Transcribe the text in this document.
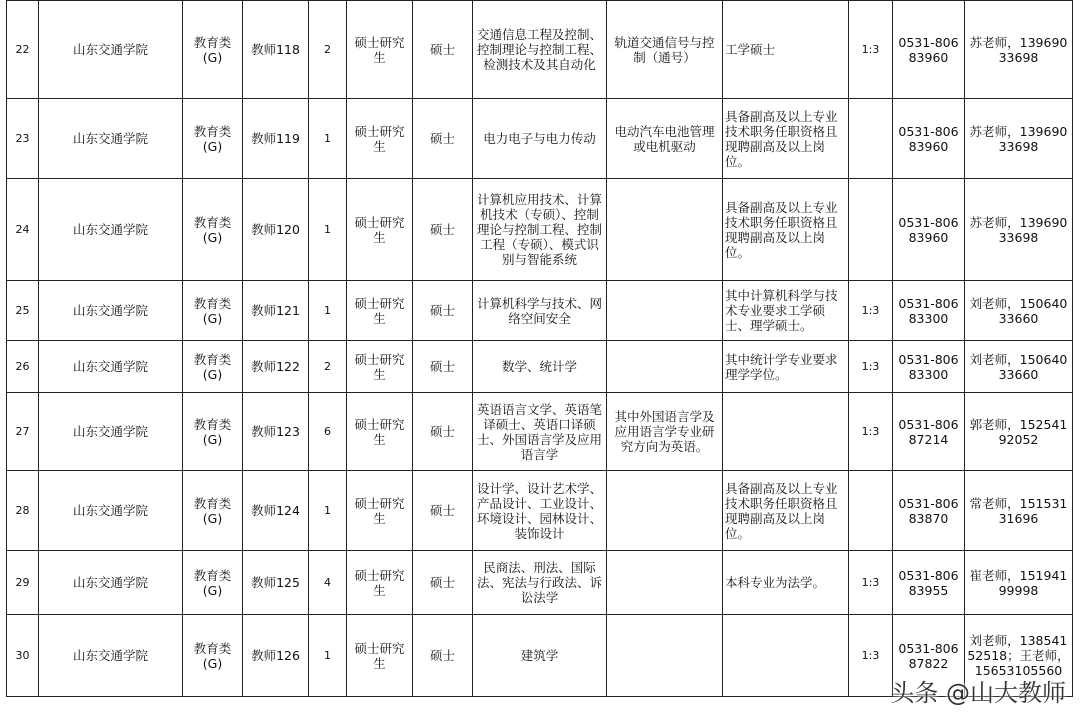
22	山东交通学院	教育类(G)	教师118	2	硕士研究生	硕士	交通信息工程及控制、控制理论与控制工程、检测技术及其自动化	轨道交通信号与控制（通号）	工学硕士	1:3	0531-80683960	苏老师，13969033698
23	山东交通学院	教育类(G)	教师119	1	硕士研究生	硕士	电力电子与电力传动	电动汽车电池管理或电机驱动	具备副高及以上专业技术职务任职资格且现聘副高及以上岗位。		0531-80683960	苏老师，13969033698
24	山东交通学院	教育类(G)	教师120	1	硕士研究生	硕士	计算机应用技术、计算机技术（专硕）、控制理论与控制工程、控制工程（专硕）、模式识别与智能系统		具备副高及以上专业技术职务任职资格且现聘副高及以上岗位。		0531-80683960	苏老师，13969033698
25	山东交通学院	教育类(G)	教师121	1	硕士研究生	硕士	计算机科学与技术、网络空间安全		其中计算机科学与技术专业要求工学硕士、理学硕士。	1:3	0531-80683300	刘老师，15064033660
26	山东交通学院	教育类(G)	教师122	2	硕士研究生	硕士	数学、统计学		其中统计学专业要求理学学位。	1:3	0531-80683300	刘老师，15064033660
27	山东交通学院	教育类(G)	教师123	6	硕士研究生	硕士	英语语言文学、英语笔译硕士、英语口译硕士、外国语言学及应用语言学	其中外国语言学及应用语言学专业研究方向为英语。		1:3	0531-80687214	郭老师，15254192052
28	山东交通学院	教育类(G)	教师124	1	硕士研究生	硕士	设计学、设计艺术学、产品设计、工业设计、环境设计、园林设计、装饰设计		具备副高及以上专业技术职务任职资格且现聘副高及以上岗位。		0531-80683870	常老师，15153131696
29	山东交通学院	教育类(G)	教师125	4	硕士研究生	硕士	民商法、刑法、国际法、宪法与行政法、诉讼法学		本科专业为法学。	1:3	0531-80683955	崔老师，15194199998
30	山东交通学院	教育类(G)	教师126	1	硕士研究生	硕士	建筑学			1:3	0531-80687822	刘老师，13854152518；王老师，15653105560
头条 @山大教师
